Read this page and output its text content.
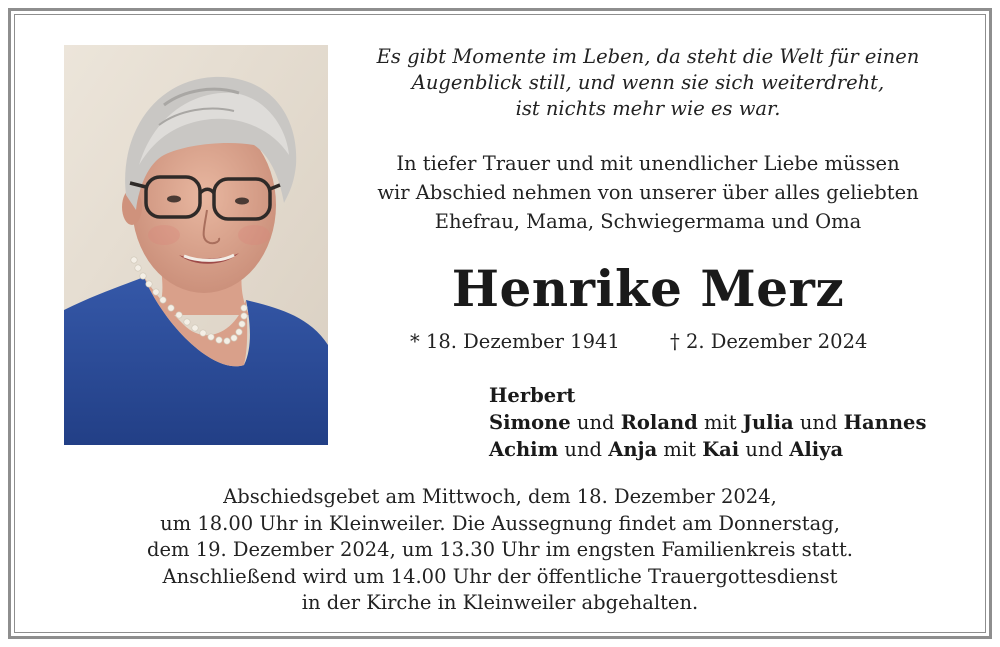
Es gibt Momente im Leben, da steht die Welt für einen
Augenblick still, und wenn sie sich weiterdreht,
ist nichts mehr wie es war.
In tiefer Trauer und mit unendlicher Liebe müssen
wir Abschied nehmen von unserer über alles geliebten
Ehefrau, Mama, Schwiegermama und Oma
Henrike Merz
* 18. Dezember 1941	† 2. Dezember 2024
Herbert
Simone und Roland mit Julia und Hannes
Achim und Anja mit Kai und Aliya
Abschiedsgebet am Mittwoch, dem 18. Dezember 2024,
um 18.00 Uhr in Kleinweiler. Die Aussegnung findet am Donnerstag,
dem 19. Dezember 2024, um 13.30 Uhr im engsten Familienkreis statt.
Anschließend wird um 14.00 Uhr der öffentliche Trauergottesdienst
in der Kirche in Kleinweiler abgehalten.
